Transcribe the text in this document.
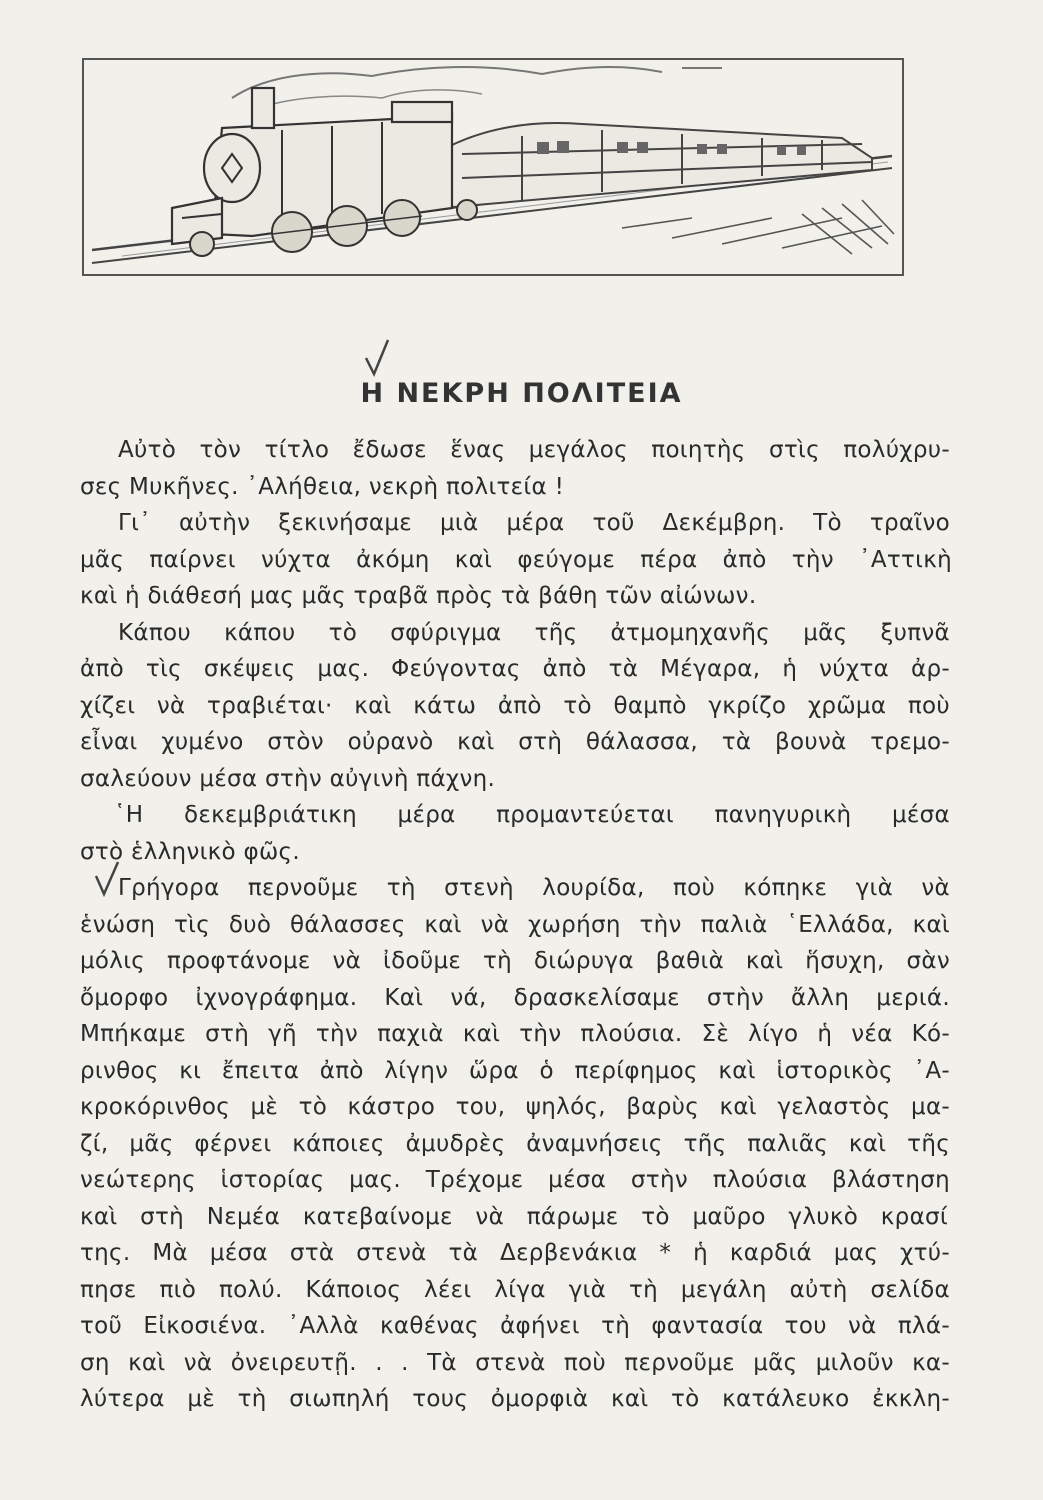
Η ΝΕΚΡΗ ΠΟΛΙΤΕΙΑ
Αὐτὸ τὸν τίτλο ἔδωσε ἕνας μεγάλος ποιητὴς στὶς πολύχρυ-
σες Μυκῆνες. ᾿Αλήθεια, νεκρὴ πολιτεία !
Γι᾿ αὐτὴν ξεκινήσαμε μιὰ μέρα τοῦ Δεκέμβρη. Τὸ τραῖνο
μᾶς παίρνει νύχτα ἀκόμη καὶ φεύγομε πέρα ἀπὸ τὴν ᾿Αττικὴ
καὶ ἡ διάθεσή μας μᾶς τραβᾶ πρὸς τὰ βάθη τῶν αἰώνων.
Κάπου κάπου τὸ σφύριγμα τῆς ἀτμομηχανῆς μᾶς ξυπνᾶ
ἀπὸ τὶς σκέψεις μας. Φεύγοντας ἀπὸ τὰ Μέγαρα, ἡ νύχτα ἀρ-
χίζει νὰ τραβιέται· καὶ κάτω ἀπὸ τὸ θαμπὸ γκρίζο χρῶμα ποὺ
εἶναι χυμένο στὸν οὐρανὸ καὶ στὴ θάλασσα, τὰ βουνὰ τρεμο-
σαλεύουν μέσα στὴν αὐγινὴ πάχνη.
῾Η δεκεμβριάτικη μέρα προμαντεύεται πανηγυρικὴ μέσα
στὸ ἑλληνικὸ φῶς.
Γρήγορα περνοῦμε τὴ στενὴ λουρίδα, ποὺ κόπηκε γιὰ νὰ
ἑνώση τὶς δυὸ θάλασσες καὶ νὰ χωρήση τὴν παλιὰ ῾Ελλάδα, καὶ
μόλις προφτάνομε νὰ ἰδοῦμε τὴ διώρυγα βαθιὰ καὶ ἥσυχη, σὰν
ὄμορφο ἰχνογράφημα. Καὶ νά, δρασκελίσαμε στὴν ἄλλη μεριά.
Μπήκαμε στὴ γῆ τὴν παχιὰ καὶ τὴν πλούσια. Σὲ λίγο ἡ νέα Κό-
ρινθος κι ἔπειτα ἀπὸ λίγην ὥρα ὁ περίφημος καὶ ἱστορικὸς ᾿Α-
κροκόρινθος μὲ τὸ κάστρο του, ψηλός, βαρὺς καὶ γελαστὸς μα-
ζί, μᾶς φέρνει κάποιες ἀμυδρὲς ἀναμνήσεις τῆς παλιᾶς καὶ τῆς
νεώτερης ἱστορίας μας. Τρέχομε μέσα στὴν πλούσια βλάστηση
καὶ στὴ Νεμέα κατεβαίνομε νὰ πάρωμε τὸ μαῦρο γλυκὸ κρασί
της. Μὰ μέσα στὰ στενὰ τὰ Δερβενάκια * ἡ καρδιά μας χτύ-
πησε πιὸ πολύ. Κάποιος λέει λίγα γιὰ τὴ μεγάλη αὐτὴ σελίδα
τοῦ Εἰκοσιένα. ᾿Αλλὰ καθένας ἀφήνει τὴ φαντασία του νὰ πλά-
ση καὶ νὰ ὀνειρευτῇ. . . Τὰ στενὰ ποὺ περνοῦμε μᾶς μιλοῦν κα-
λύτερα μὲ τὴ σιωπηλή τους ὀμορφιὰ καὶ τὸ κατάλευκο ἐκκλη-
